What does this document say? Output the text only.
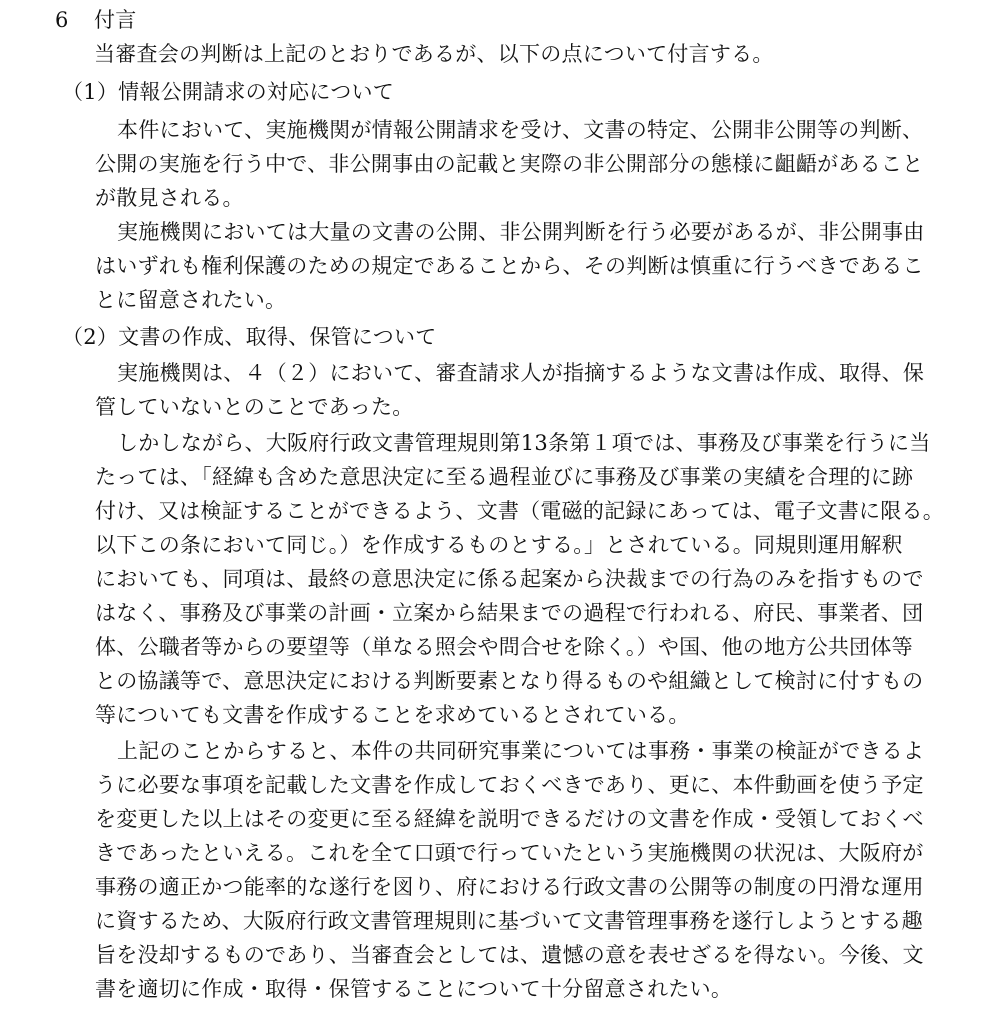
6 付言
当審査会の判断は上記のとおりであるが、以下の点について付言する。
（1）情報公開請求の対応について
本件において、実施機関が情報公開請求を受け、文書の特定、公開非公開等の判断、
公開の実施を行う中で、非公開事由の記載と実際の非公開部分の態様に齟齬があること
が散見される。
実施機関においては大量の文書の公開、非公開判断を行う必要があるが、非公開事由
はいずれも権利保護のための規定であることから、その判断は慎重に行うべきであるこ
とに留意されたい。
（2）文書の作成、取得、保管について
実施機関は、４（２）において、審査請求人が指摘するような文書は作成、取得、保
管していないとのことであった。
しかしながら、大阪府行政文書管理規則第13条第１項では、事務及び事業を行うに当
たっては、「経緯も含めた意思決定に至る過程並びに事務及び事業の実績を合理的に跡
付け、又は検証することができるよう、文書（電磁的記録にあっては、電子文書に限る。
以下この条において同じ。）を作成するものとする。」とされている。同規則運用解釈
においても、同項は、最終の意思決定に係る起案から決裁までの行為のみを指すもので
はなく、事務及び事業の計画・立案から結果までの過程で行われる、府民、事業者、団
体、公職者等からの要望等（単なる照会や問合せを除く。）や国、他の地方公共団体等
との協議等で、意思決定における判断要素となり得るものや組織として検討に付すもの
等についても文書を作成することを求めているとされている。
上記のことからすると、本件の共同研究事業については事務・事業の検証ができるよ
うに必要な事項を記載した文書を作成しておくべきであり、更に、本件動画を使う予定
を変更した以上はその変更に至る経緯を説明できるだけの文書を作成・受領しておくべ
きであったといえる。これを全て口頭で行っていたという実施機関の状況は、大阪府が
事務の適正かつ能率的な遂行を図り、府における行政文書の公開等の制度の円滑な運用
に資するため、大阪府行政文書管理規則に基づいて文書管理事務を遂行しようとする趣
旨を没却するものであり、当審査会としては、遺憾の意を表せざるを得ない。今後、文
書を適切に作成・取得・保管することについて十分留意されたい。
